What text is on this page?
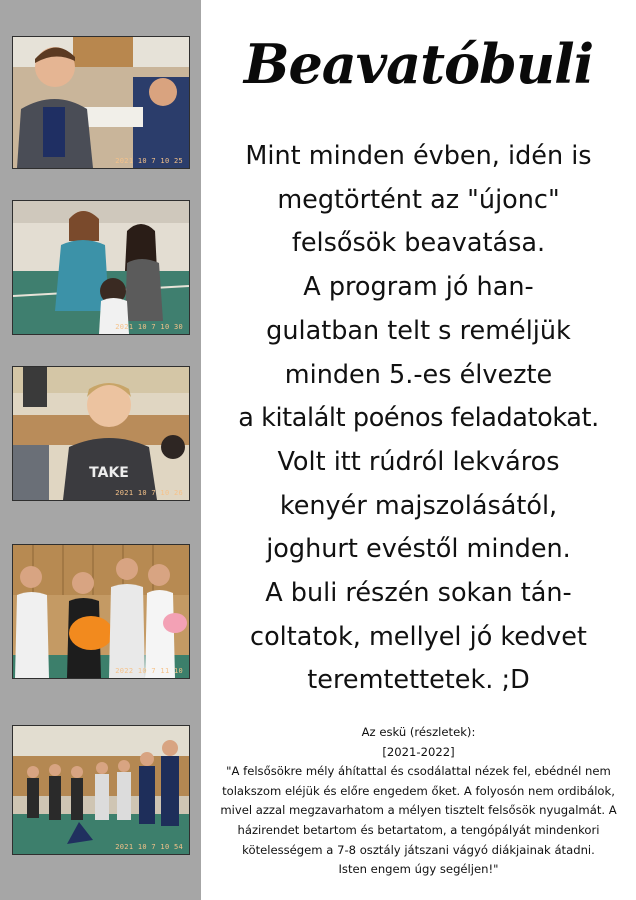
2021 10 7 10 25
2021 10 7 10 30
TAKE
2021 10 7 10 26
2022 10 7 11 10
2021 10 7 10 54
Beavatóbuli
Mint minden évben, idén is
megtörtént az "újonc"
felsősök beavatása.
A program jó han-
gulatban telt s reméljük
minden 5.-es élvezte
a kitalált poénos feladatokat.
Volt itt rúdról lekváros
kenyér majszolásától,
joghurt evéstől minden.
A buli részén sokan tán-
coltatok, mellyel jó kedvet
teremtettetek. ;D
Az eskü (részletek):
[2021-2022]
"A felsősökre mély áhítattal és csodálattal nézek fel, ebédnél nem
tolakszom eléjük és előre engedem őket. A folyosón nem ordibálok,
mivel azzal megzavarhatom a mélyen tisztelt felsősök nyugalmát. A
házirendet betartom és betartatom, a tengópályát mindenkori
kötelességem a 7-8 osztály játszani vágyó diákjainak átadni.
Isten engem úgy segéljen!"
